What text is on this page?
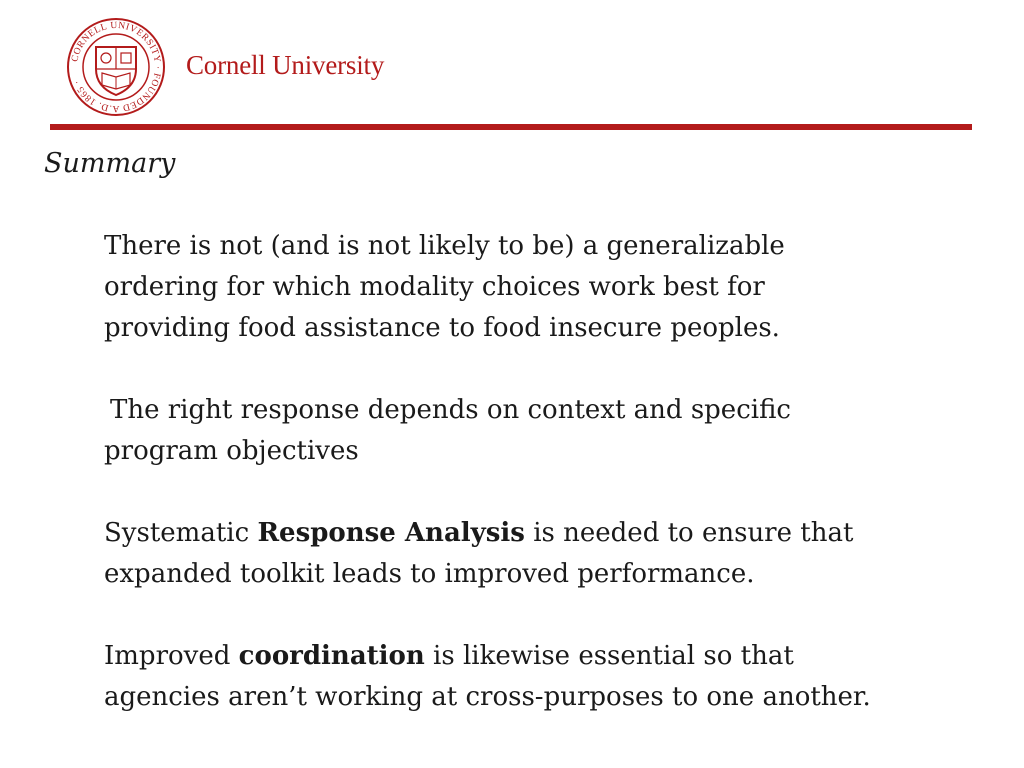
CORNELL UNIVERSITY · FOUNDED A.D. 1865 ·
Cornell University
Summary

There is not (and is not likely to be) a generalizable
ordering for which modality choices work best for
providing food assistance to food insecure peoples.

The right response depends on context and specific
program objectives

Systematic Response Analysis is needed to ensure that
expanded toolkit leads to improved performance.

Improved coordination is likewise essential so that
agencies aren’t working at cross-purposes to one another.
